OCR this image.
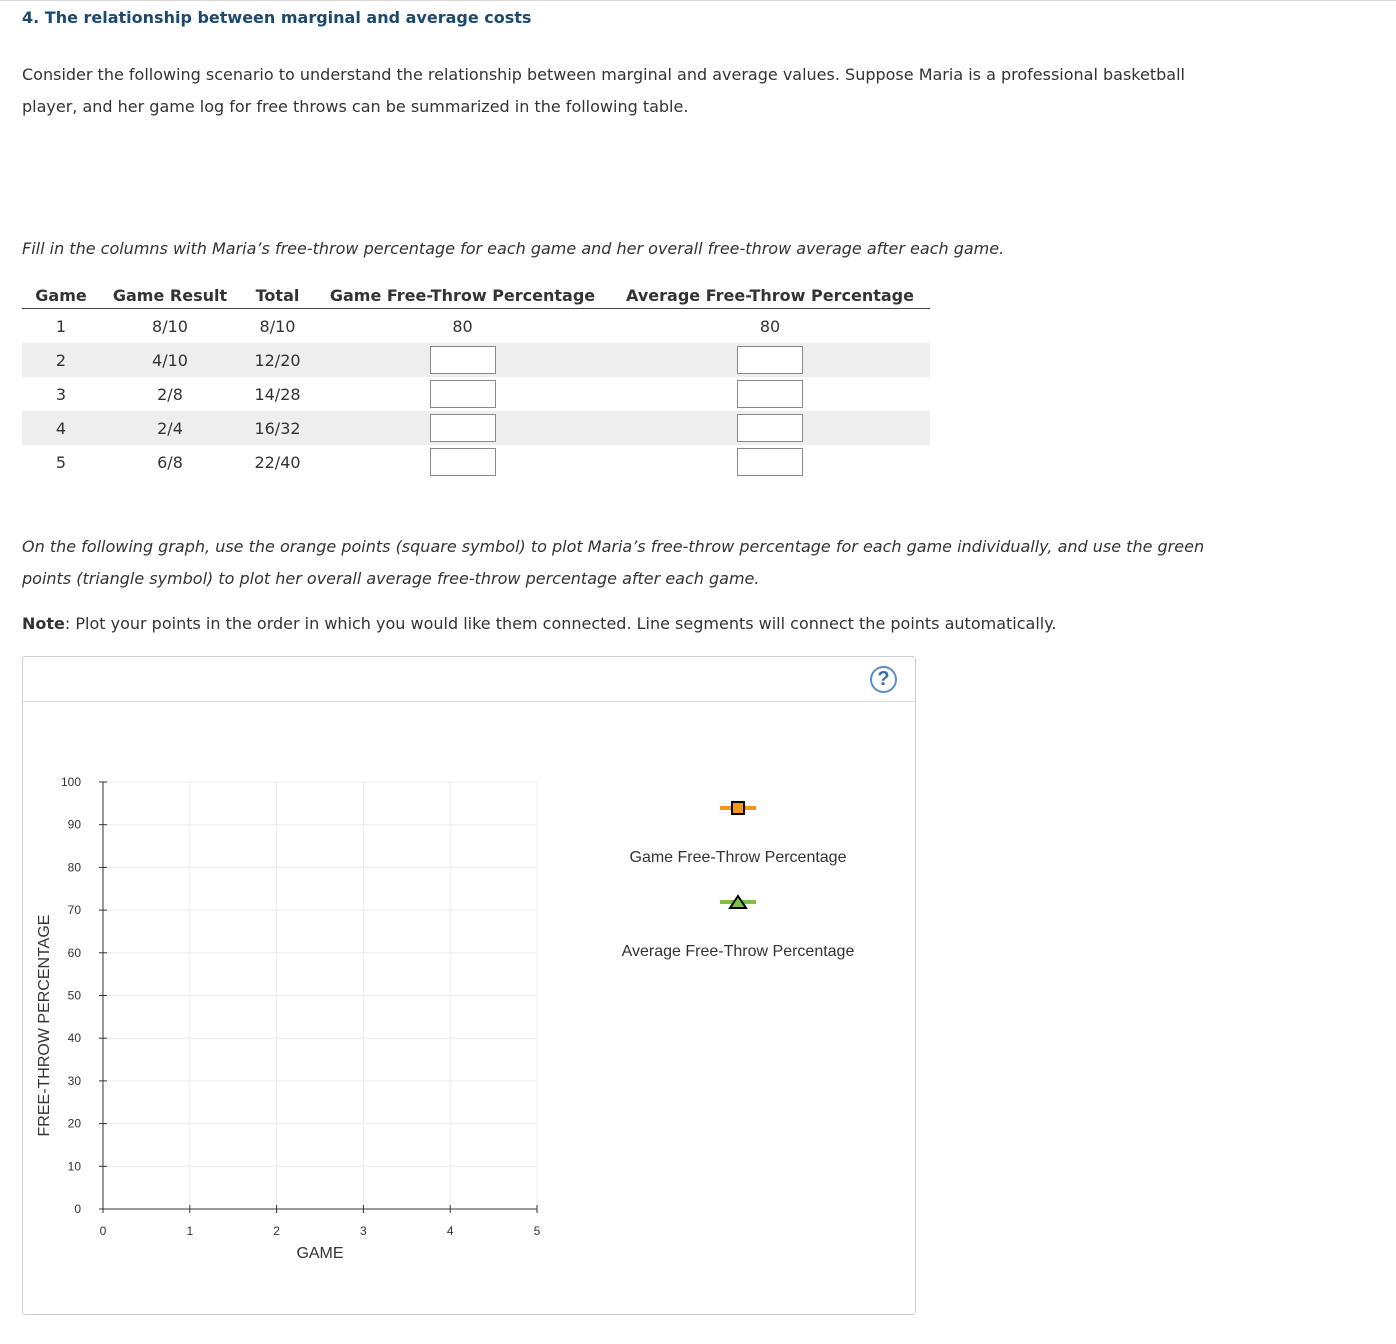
4. The relationship between marginal and average costs
Consider the following scenario to understand the relationship between marginal and average values. Suppose Maria is a professional basketball player, and her game log for free throws can be summarized in the following table.
Fill in the columns with Maria’s free-throw percentage for each game and her overall free-throw average after each game.
Game	Game Result	Total	Game Free-Throw Percentage	Average Free-Throw Percentage
1	8/10	8/10	80	80
2	4/10	12/20		
3	2/8	14/28		
4	2/4	16/32		
5	6/8	22/40		
On the following graph, use the orange points (square symbol) to plot Maria’s free-throw percentage for each game individually, and use the green points (triangle symbol) to plot her overall average free-throw percentage after each game.
Note: Plot your points in the order in which you would like them connected. Line segments will connect the points automatically.
?
0
10
20
30
40
50
60
70
80
90
100
0	1	2	3	4	5
FREE-THROW PERCENTAGE
GAME
Game Free-Throw Percentage
Average Free-Throw Percentage
